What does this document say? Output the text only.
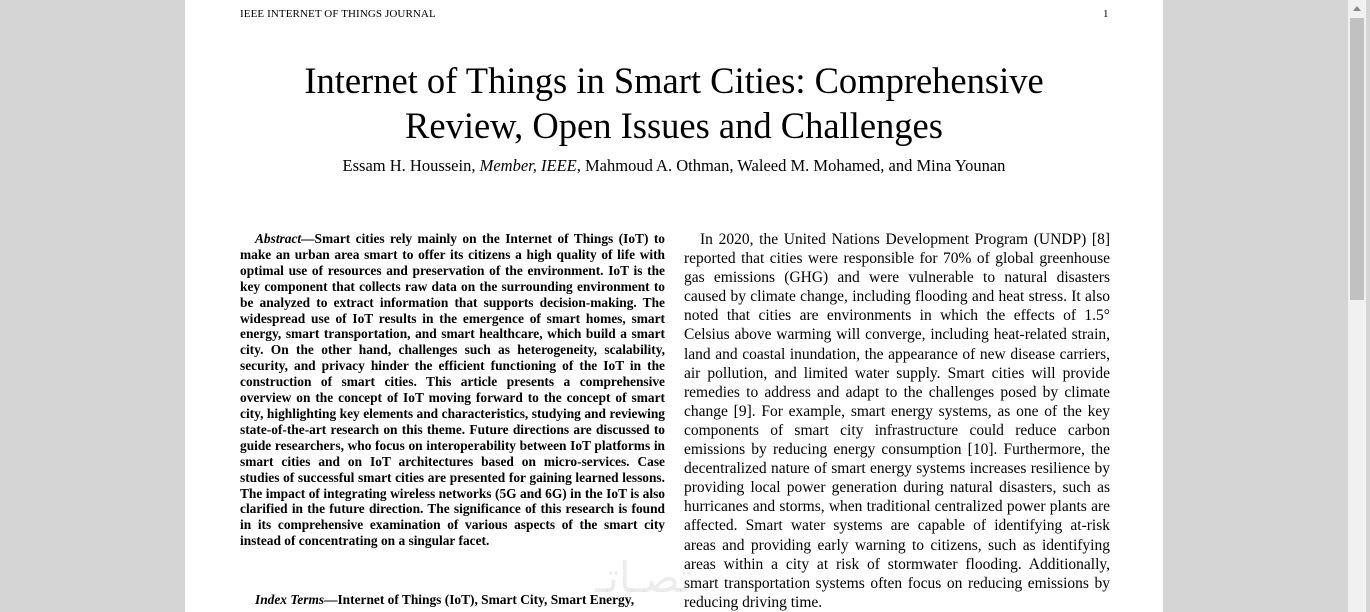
IEEE INTERNET OF THINGS JOURNAL	1
Internet of Things in Smart Cities: Comprehensive
Review, Open Issues and Challenges
Essam H. Houssein, Member, IEEE, Mahmoud A. Othman, Waleed M. Mohamed, and Mina Younan
Abstract—Smart cities rely mainly on the Internet of Things (IoT) to make an urban area smart to offer its citizens a high quality of life with optimal use of resources and preservation of the environment. IoT is the key component that collects raw data on the surrounding environment to be analyzed to extract information that supports decision-making. The widespread use of IoT results in the emergence of smart homes, smart energy, smart transportation, and smart healthcare, which build a smart city. On the other hand, challenges such as heterogeneity, scalability, security, and privacy hinder the efficient functioning of the IoT in the construction of smart cities. This article presents a comprehensive overview on the concept of IoT moving forward to the concept of smart city, highlighting key elements and characteristics, studying and reviewing state-of-the-art research on this theme. Future directions are discussed to guide researchers, who focus on interoperability between IoT platforms in smart cities and on IoT architectures based on micro-services. Case studies of successful smart cities are presented for gaining learned lessons. The impact of integrating wireless networks (5G and 6G) in the IoT is also clarified in the future direction. The significance of this research is found in its comprehensive examination of various aspects of the smart city instead of concentrating on a singular facet.
Index Terms—Internet of Things (IoT), Smart City, Smart Energy,
In 2020, the United Nations Development Program (UNDP) [8] reported that cities were responsible for 70% of global greenhouse gas emissions (GHG) and were vulnerable to natural disasters caused by climate change, including flooding and heat stress. It also noted that cities are environments in which the effects of 1.5° Celsius above warming will converge, including heat-related strain, land and coastal inundation, the appearance of new disease carriers, air pollution, and limited water supply. Smart cities will provide remedies to address and adapt to the challenges posed by climate change [9]. For example, smart energy systems, as one of the key components of smart city infrastructure could reduce carbon emissions by reducing energy consumption [10]. Furthermore, the decentralized nature of smart energy systems increases resilience by providing local power generation during natural disasters, such as hurricanes and storms, when traditional centralized power plants are affected. Smart water systems are capable of identifying at-risk areas and providing early warning to citizens, such as identifying areas within a city at risk of stormwater flooding. Additionally, smart transportation systems often focus on reducing emissions by reducing driving time.
تصـاتـ
